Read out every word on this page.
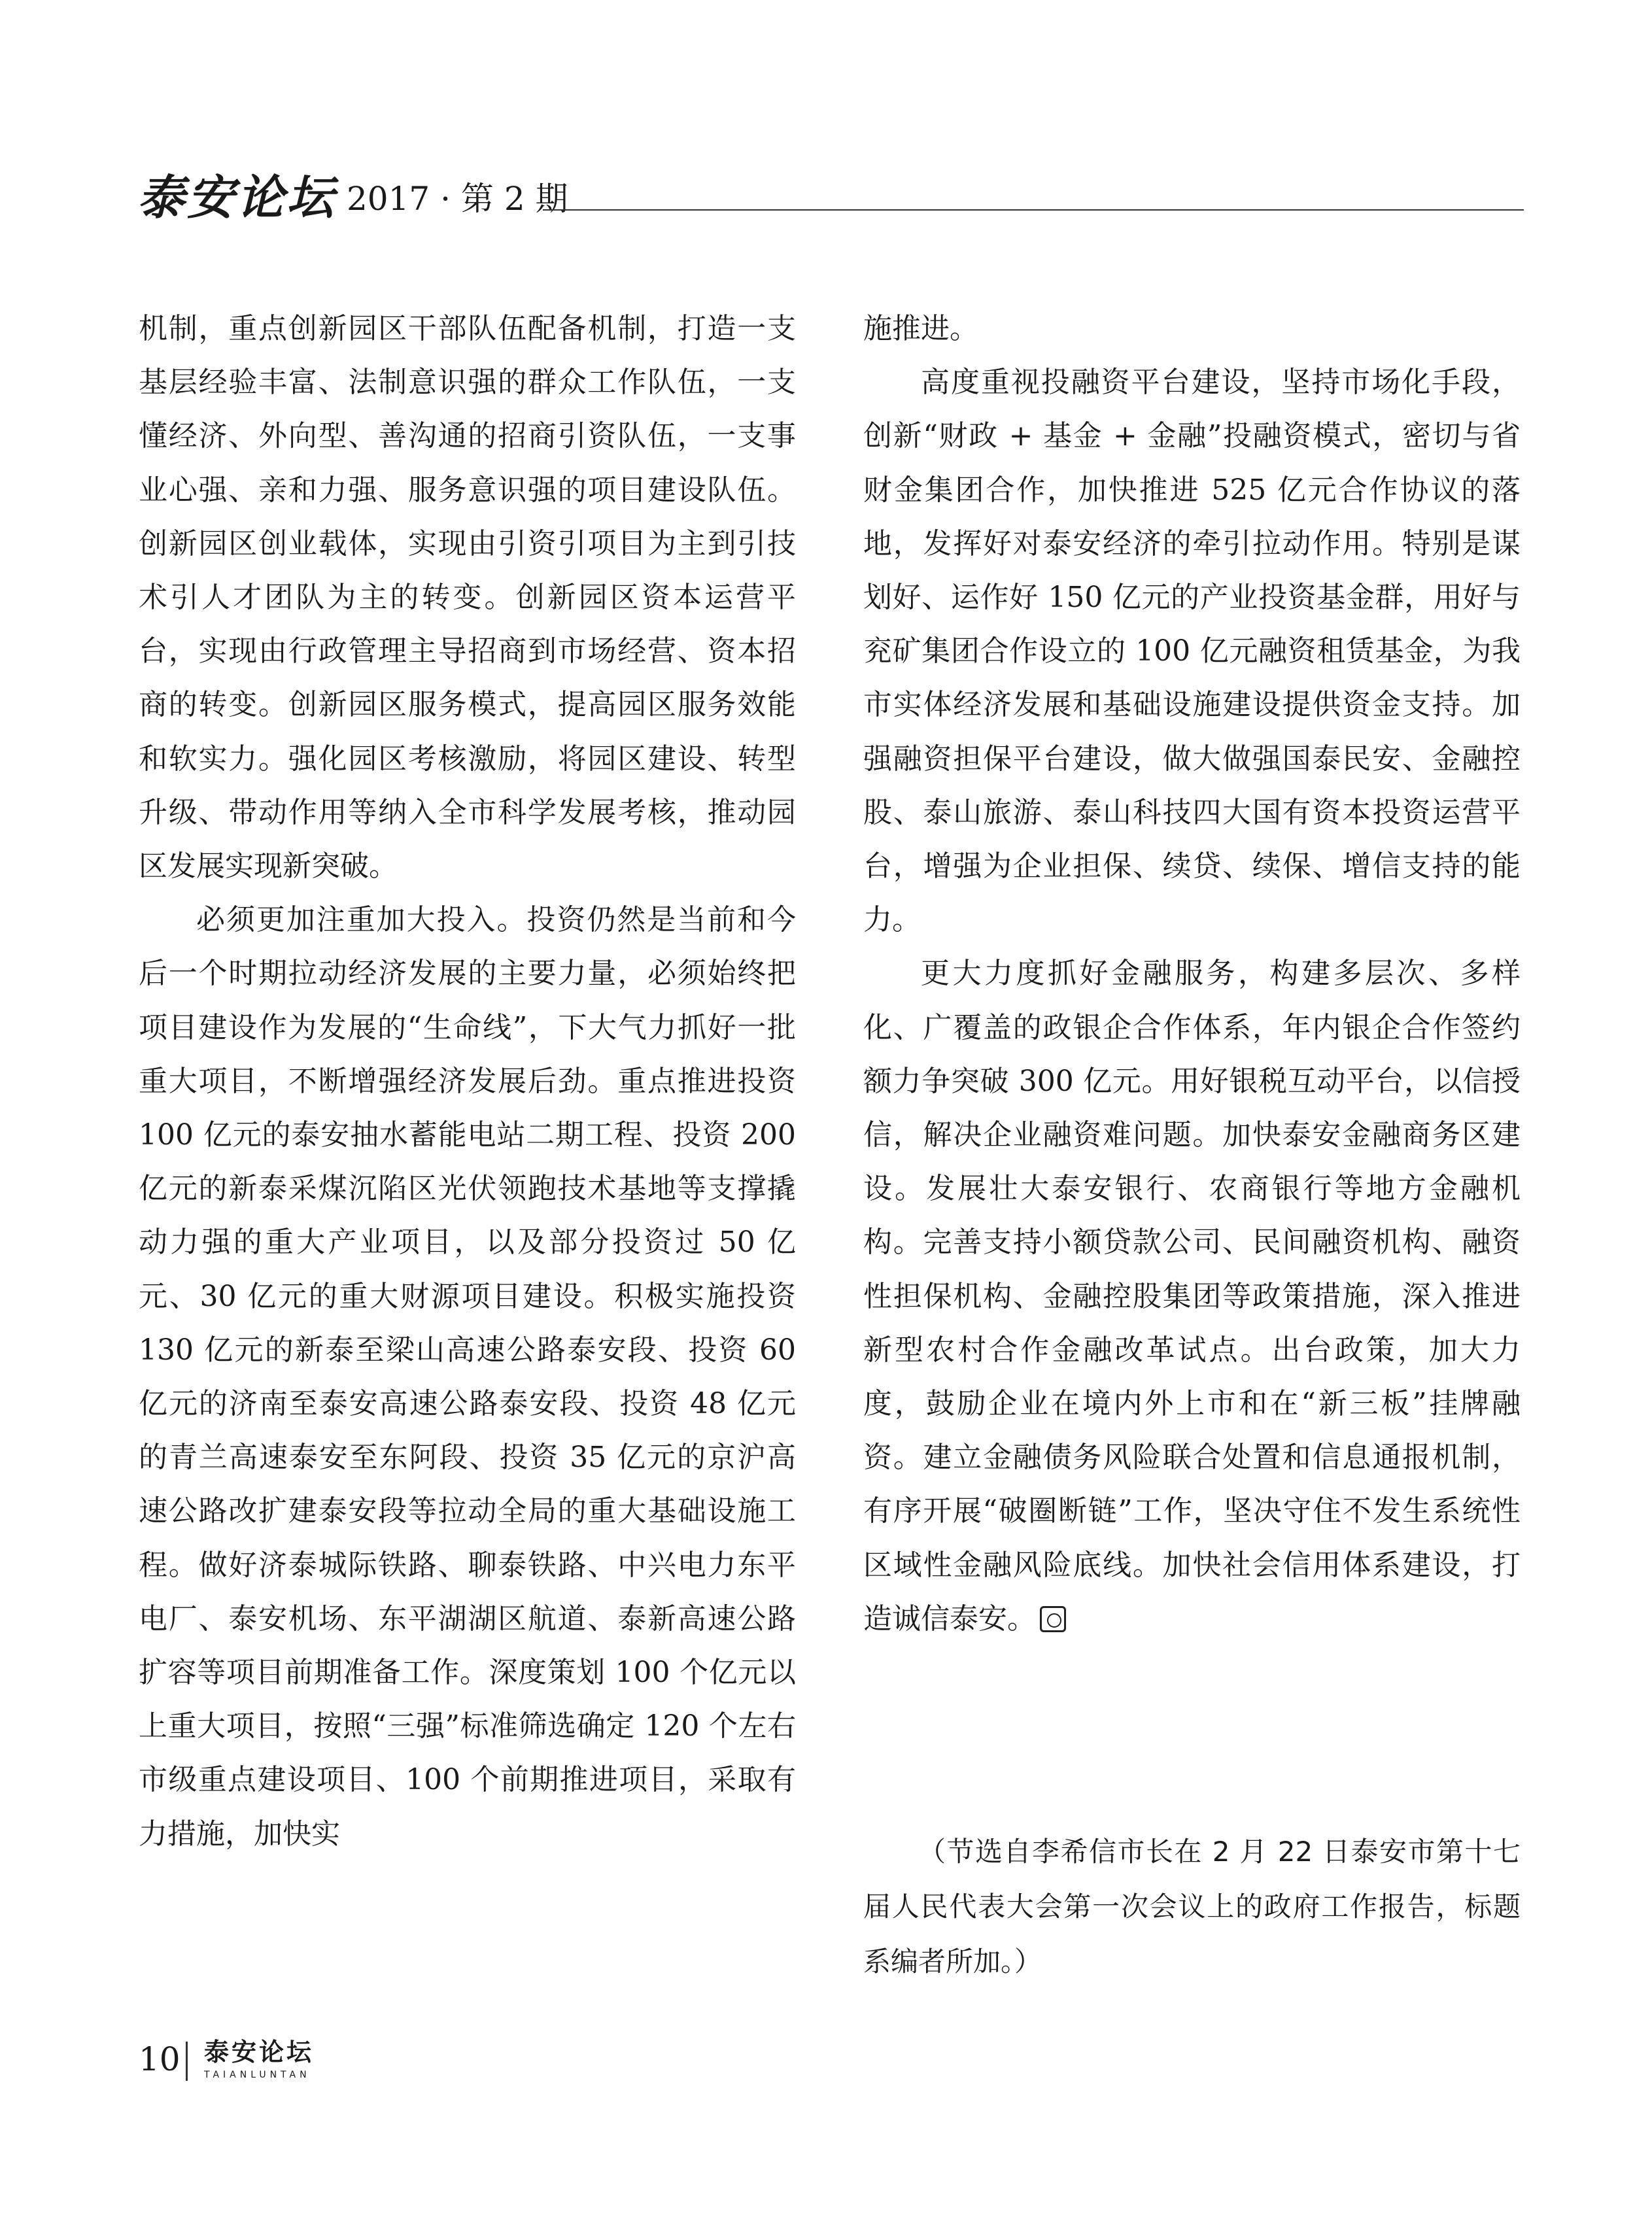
泰安论坛 2017 · 第 2 期

机制，重点创新园区干部队伍配备机制，打造一支基层经验丰富、法制意识强的群众工作队伍，一支懂经济、外向型、善沟通的招商引资队伍，一支事业心强、亲和力强、服务意识强的项目建设队伍。创新园区创业载体，实现由引资引项目为主到引技术引人才团队为主的转变。创新园区资本运营平台，实现由行政管理主导招商到市场经营、资本招商的转变。创新园区服务模式，提高园区服务效能和软实力。强化园区考核激励，将园区建设、转型升级、带动作用等纳入全市科学发展考核，推动园区发展实现新突破。

必须更加注重加大投入。投资仍然是当前和今后一个时期拉动经济发展的主要力量，必须始终把项目建设作为发展的“生命线”，下大气力抓好一批重大项目，不断增强经济发展后劲。重点推进投资 100 亿元的泰安抽水蓄能电站二期工程、投资 200 亿元的新泰采煤沉陷区光伏领跑技术基地等支撑撬动力强的重大产业项目，以及部分投资过 50 亿元、30 亿元的重大财源项目建设。积极实施投资 130 亿元的新泰至梁山高速公路泰安段、投资 60 亿元的济南至泰安高速公路泰安段、投资 48 亿元的青兰高速泰安至东阿段、投资 35 亿元的京沪高速公路改扩建泰安段等拉动全局的重大基础设施工程。做好济泰城际铁路、聊泰铁路、中兴电力东平电厂、泰安机场、东平湖湖区航道、泰新高速公路扩容等项目前期准备工作。深度策划 100 个亿元以上重大项目，按照“三强”标准筛选确定 120 个左右市级重点建设项目、100 个前期推进项目，采取有力措施，加快实

施推进。

高度重视投融资平台建设，坚持市场化手段，创新“财政 + 基金 + 金融”投融资模式，密切与省财金集团合作，加快推进 525 亿元合作协议的落地，发挥好对泰安经济的牵引拉动作用。特别是谋划好、运作好 150 亿元的产业投资基金群，用好与兖矿集团合作设立的 100 亿元融资租赁基金，为我市实体经济发展和基础设施建设提供资金支持。加强融资担保平台建设，做大做强国泰民安、金融控股、泰山旅游、泰山科技四大国有资本投资运营平台，增强为企业担保、续贷、续保、增信支持的能力。

更大力度抓好金融服务，构建多层次、多样化、广覆盖的政银企合作体系，年内银企合作签约额力争突破 300 亿元。用好银税互动平台，以信授信，解决企业融资难问题。加快泰安金融商务区建设。发展壮大泰安银行、农商银行等地方金融机构。完善支持小额贷款公司、民间融资机构、融资性担保机构、金融控股集团等政策措施，深入推进新型农村合作金融改革试点。出台政策，加大力度，鼓励企业在境内外上市和在“新三板”挂牌融资。建立金融债务风险联合处置和信息通报机制，有序开展“破圈断链”工作，坚决守住不发生系统性区域性金融风险底线。加快社会信用体系建设，打造诚信泰安。

（节选自李希信市长在 2 月 22 日泰安市第十七届人民代表大会第一次会议上的政府工作报告，标题系编者所加。）
10 泰安论坛
TAIANLUNTAN
